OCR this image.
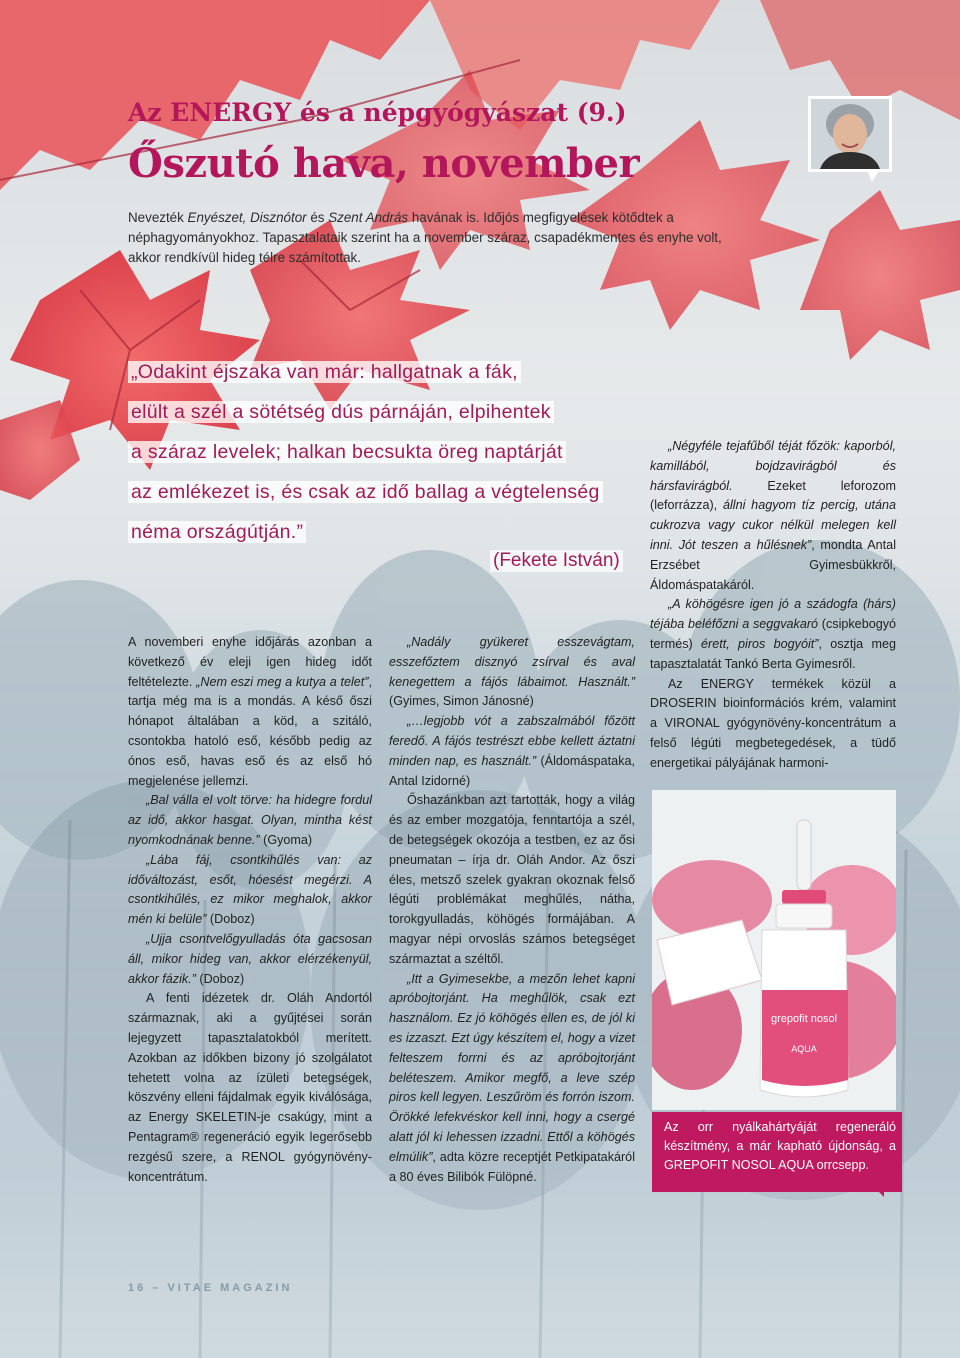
Az ENERGY és a népgyógyászat (9.)
Őszutó hava, november

Nevezték Enyészet, Disznótor és Szent András havának is. Időjós megfigyelések kötődtek a néphagyományokhoz. Tapasztalataik szerint ha a november száraz, csapadékmentes és enyhe volt, akkor rendkívül hideg télre számítottak.

„Odakint éjszaka van már: hallgatnak a fák,
elült a szél a sötétség dús párnáján, elpihentek
a száraz levelek; halkan becsukta öreg naptárját
az emlékezet is, és csak az idő ballag a végtelenség
néma országútján.”
(Fekete István)

A novemberi enyhe időjárás azonban a következő év eleji igen hideg időt feltételezte. „Nem eszi meg a kutya a telet”, tartja még ma is a mondás. A késő őszi hónapot általában a köd, a szitáló, csontokba hatoló eső, később pedig az ónos eső, havas eső és az első hó megjelenése jellemzi.

„Bal válla el volt törve: ha hidegre fordul az idő, akkor hasgat. Olyan, mintha kést nyomkodnának benne.” (Gyoma)

„Lába fáj, csontkihűlés van: az időváltozást, esőt, hóesést megérzi. A csontkihűlés, ez mikor meghalok, akkor mén ki belüle” (Doboz)

„Ujja csontvelőgyulladás óta gacsosan áll, mikor hideg van, akkor elérzékenyül, akkor fázik.” (Doboz)

A fenti idézetek dr. Oláh Andortól származnak, aki a gyűjtései során lejegyzett tapasztalatokból merített. Azokban az időkben bizony jó szolgálatot tehetett volna az ízületi betegségek, köszvény elleni fájdalmak egyik kiválósága, az Energy SKELETIN-je csakúgy, mint a Pentagram® regeneráció egyik legerősebb rezgésű szere, a RENOL gyógynövény-koncentrátum.

„Nadály gyükeret esszevágtam, esszefőztem disznyó zsírval és aval kenegettem a fájós lábaimot. Használt.” (Gyimes, Simon Jánosné)

„…legjobb vót a zabszalmából főzött feredő. A fájós testrészt ebbe kellett áztatni minden nap, es használt.” (Áldomáspataka, Antal Izidorné)

Őshazánkban azt tartották, hogy a világ és az ember mozgatója, fenntartója a szél, de betegségek okozója a testben, ez az ősi pneumatan – írja dr. Oláh Andor. Az őszi éles, metsző szelek gyakran okoznak felső légúti problémákat meghűlés, nátha, torokgyulladás, köhögés formájában. A magyar népi orvoslás számos betegséget származtat a széltől.

„Itt a Gyimesekbe, a mezőn lehet kapni apróbojtorjánt. Ha meghűlök, csak ezt használom. Ez jó köhögés ellen es, de jól ki es izzaszt. Ezt úgy készítem el, hogy a vizet felteszem forrni és az apróbojtorjánt beléteszem. Amikor megfő, a leve szép piros kell legyen. Leszűröm és forrón iszom. Örökké lefekvéskor kell inni, hogy a csergé alatt jól ki lehessen izzadni. Ettől a köhögés elmúlik”, adta közre receptjét Petkipatakáról a 80 éves Bilibók Fülöpné.

„Négyféle tejafűből téját főzök: kaporból, kamillából, bojdzavirágból és hársfavirágból. Ezeket leforozom (leforrázza), állni hagyom tíz percig, utána cukrozva vagy cukor nélkül melegen kell inni. Jót teszen a hűlésnek”, mondta Antal Erzsébet Gyimesbükkről, Áldomáspatakáról.

„A köhögésre igen jó a szádogfa (hárs) téjába beléfőzni a seggvakaró (csipkebogyó termés) érett, piros bogyóit”, osztja meg tapasztalatát Tankó Berta Gyimesről.

Az ENERGY termékek közül a DROSERIN bioinformációs krém, valamint a VIRONAL gyógynövény-koncentrátum a felső légúti megbetegedések, a tüdő energetikai pályájának harmoni-

grepofit nosol
AQUA
Az orr nyálkahártyáját regeneráló készítmény, a már kapható újdonság, a GREPOFIT NOSOL AQUA orrcsepp.
16 – VITAE MAGAZIN
